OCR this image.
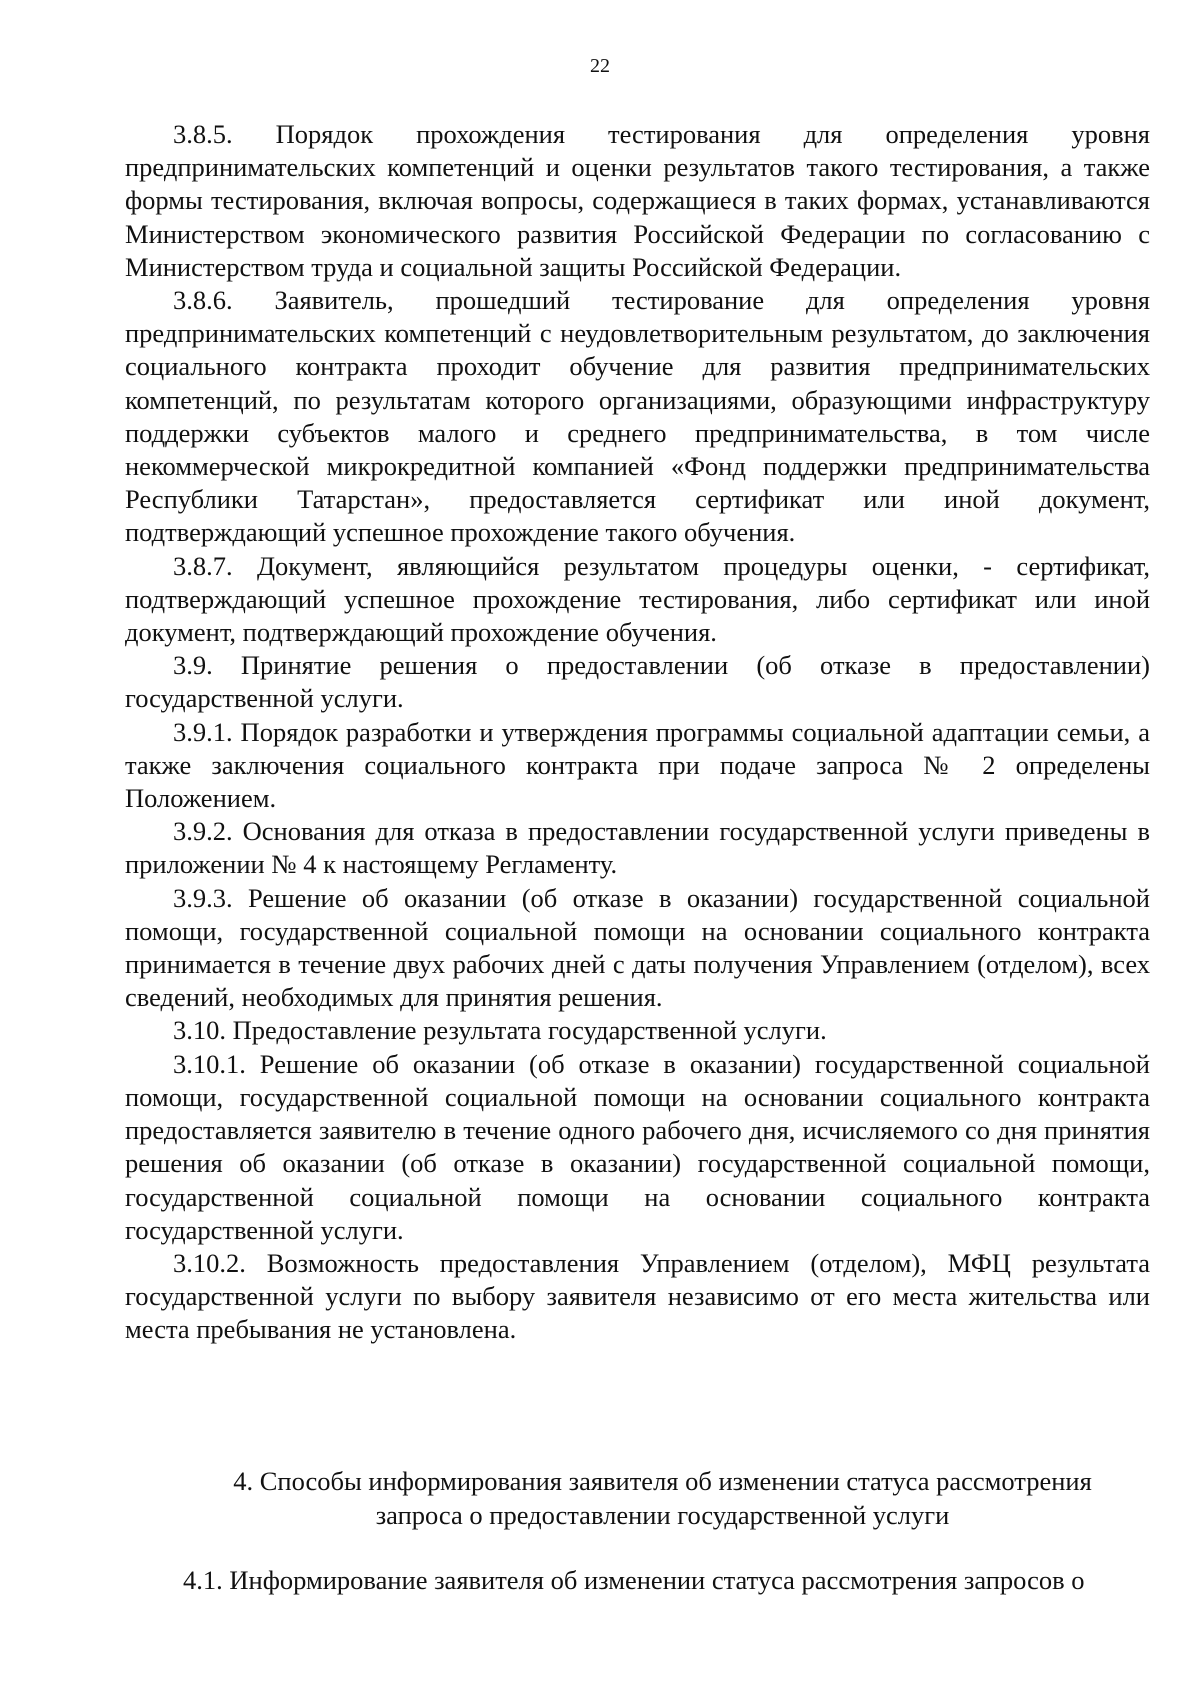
22

3.8.5. Порядок прохождения тестирования для определения уровня предпринимательских компетенций и оценки результатов такого тестирования, а также формы тестирования, включая вопросы, содержащиеся в таких формах, устанавливаются Министерством экономического развития Российской Федерации по согласованию с Министерством труда и социальной защиты Российской Федерации.

3.8.6. Заявитель, прошедший тестирование для определения уровня предпринимательских компетенций с неудовлетворительным результатом, до заключения социального контракта проходит обучение для развития предпринимательских компетенций, по результатам которого организациями, образующими инфраструктуру поддержки субъектов малого и среднего предпринимательства, в том числе некоммерческой микрокредитной компанией «Фонд поддержки предпринимательства Республики Татарстан», предоставляется сертификат или иной документ, подтверждающий успешное прохождение такого обучения.

3.8.7. Документ, являющийся результатом процедуры оценки, - сертификат, подтверждающий успешное прохождение тестирования, либо сертификат или иной документ, подтверждающий прохождение обучения.

3.9. Принятие решения о предоставлении (об отказе в предоставлении) государственной услуги.

3.9.1. Порядок разработки и утверждения программы социальной адаптации семьи, а также заключения социального контракта при подаче запроса № 2 определены Положением.

3.9.2. Основания для отказа в предоставлении государственной услуги приведены в приложении № 4 к настоящему Регламенту.

3.9.3. Решение об оказании (об отказе в оказании) государственной социальной помощи, государственной социальной помощи на основании социального контракта принимается в течение двух рабочих дней с даты получения Управлением (отделом), всех сведений, необходимых для принятия решения.

3.10. Предоставление результата государственной услуги.

3.10.1. Решение об оказании (об отказе в оказании) государственной социальной помощи, государственной социальной помощи на основании социального контракта предоставляется заявителю в течение одного рабочего дня, исчисляемого со дня принятия решения об оказании (об отказе в оказании) государственной социальной помощи, государственной социальной помощи на основании социального контракта государственной услуги.

3.10.2. Возможность предоставления Управлением (отделом), МФЦ результата государственной услуги по выбору заявителя независимо от его места жительства или места пребывания не установлена.

4. Способы информирования заявителя об изменении статуса рассмотрения
запроса о предоставлении государственной услуги

4.1. Информирование заявителя об изменении статуса рассмотрения запросов о
